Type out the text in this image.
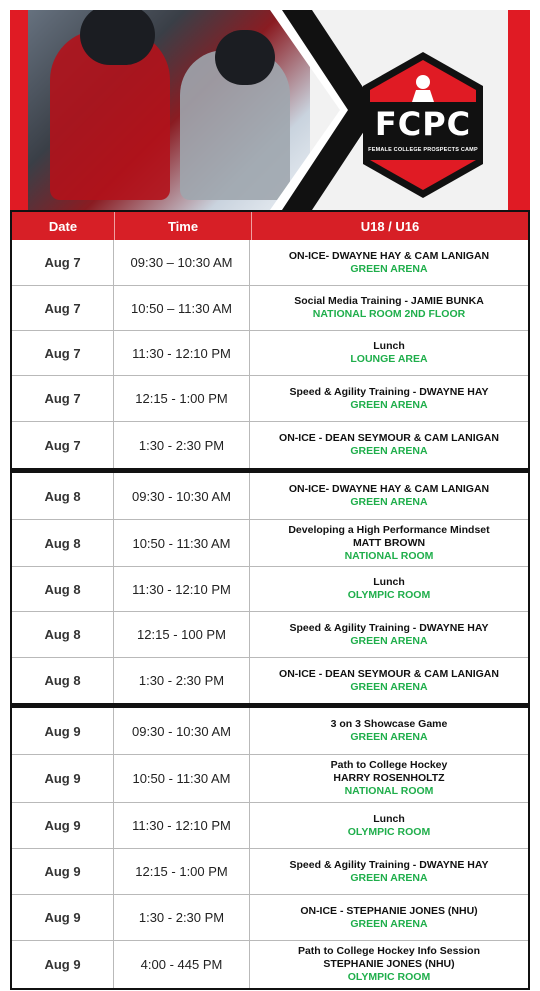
FCPC
FEMALE COLLEGE PROSPECTS CAMP
Date	Time	U18 / U16
Aug 7	09:30 – 10:30 AM	ON-ICE- DWAYNE HAY & CAM LANIGAN
GREEN ARENA
Aug 7	10:50 – 11:30 AM	Social Media Training - JAMIE BUNKA
NATIONAL ROOM 2ND FLOOR
Aug 7	11:30 - 12:10 PM	Lunch
LOUNGE AREA
Aug 7	12:15 - 1:00 PM	Speed & Agility Training - DWAYNE HAY
GREEN ARENA
Aug 7	1:30 - 2:30 PM	ON-ICE - DEAN SEYMOUR & CAM LANIGAN
GREEN ARENA
Aug 8	09:30 - 10:30 AM	ON-ICE- DWAYNE HAY & CAM LANIGAN
GREEN ARENA
Aug 8	10:50 - 11:30 AM
Developing a High Performance Mindset
MATT BROWN
NATIONAL ROOM
Aug 8	11:30 - 12:10 PM	Lunch
OLYMPIC ROOM
Aug 8	12:15 - 100 PM	Speed & Agility Training - DWAYNE HAY
GREEN ARENA
Aug 8	1:30 - 2:30 PM	ON-ICE - DEAN SEYMOUR & CAM LANIGAN
GREEN ARENA
Aug 9	09:30 - 10:30 AM	3 on 3 Showcase Game
GREEN ARENA
Aug 9	10:50 - 11:30 AM
Path to College Hockey
HARRY ROSENHOLTZ
NATIONAL ROOM
Aug 9	11:30 - 12:10 PM	Lunch
OLYMPIC ROOM
Aug 9	12:15 - 1:00 PM	Speed & Agility Training - DWAYNE HAY
GREEN ARENA
Aug 9	1:30 - 2:30 PM	ON-ICE - STEPHANIE JONES (NHU)
GREEN ARENA
Aug 9	4:00 - 445 PM
Path to College Hockey Info Session
STEPHANIE JONES (NHU)
OLYMPIC ROOM
